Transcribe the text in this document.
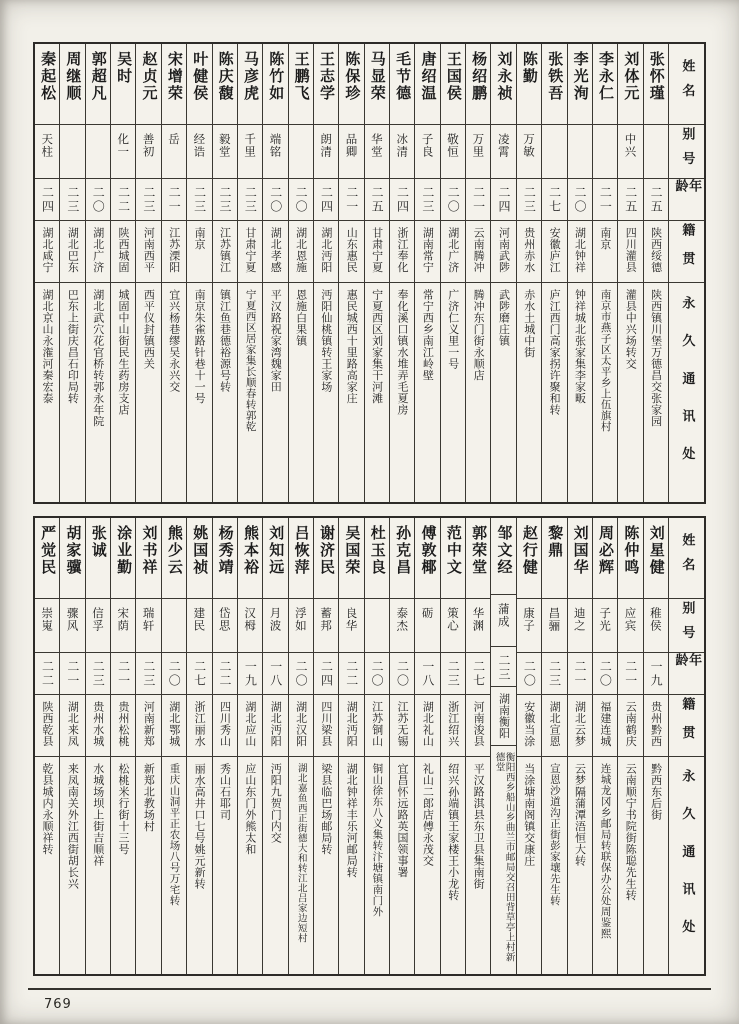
姓名
别号
年龄
籍贯
永久通讯处
张怀瑾
二五
陕西绥德
陕西镇川堡万德昌交张家园
刘体元
中兴
二五
四川灌县
灌县中兴场转交
李永仁
二一
南京
南京市燕子区太平乡上伍旗村
李光洵
二〇
湖北钟祥
钟祥城北张家集李家畈
张铁吾
二七
安徽庐江
庐江西门高家拐许聚和转
陈勤
万敏
二三
贵州赤水
赤水土城中街
刘永祯
凌霄
二四
河南武陟
武陟磨庄镇
杨绍鹏
万里
二一
云南腾冲
腾冲东门街永顺店
王国侯
敬恒
二〇
湖北广济
广济仁义里一号
唐绍温
子良
二三
湖南常宁
常宁西乡南江岭壁
毛节德
冰清
二四
浙江奉化
奉化溪口镇水堆弄毛夏房
马显荣
华堂
二五
甘肃宁夏
宁夏西区刘家集干河滩
陈保珍
品卿
二一
山东惠民
惠民城西十里路高家庄
王志学
朗清
二四
湖北沔阳
沔阳仙桃镇转王家场
王鹏飞
二〇
湖北恩施
恩施白果镇
陈竹如
端铭
二〇
湖北孝感
平汉路祝家湾魏家田
马彦虎
千里
二三
甘肃宁夏
宁夏西区居家集长顺春转郭乾
陈庆馥
毅堂
二三
江苏镇江
镇江鱼巷德裕源号转
叶健侯
经诰
二三
南京
南京朱雀路针巷十一号
宋增荣
岳
二一
江苏溧阳
宜兴杨巷缪吴永兴交
赵贞元
善初
二三
河南西平
西平仪封镇西关
吴时
化一
二二
陕西城固
城固中山街民生药房支店
郭超凡
二〇
湖北广济
湖北武穴花官桥转郭永年院
周继顺
二三
湖北巴东
巴东上街庆昌石印局转
秦起松
天柱
二四
湖北咸宁
湖北京山永潅河秦宏泰
姓名
别号
年龄
籍贯
永久通讯处
刘星健
稚侯
一九
贵州黔西
黔西东后街
陈仲鸣
应宾
二一
云南鹤庆
云南顺宁书院街陈聪先生转
周必辉
子光
二〇
福建连城
连城龙冈乡邮局转联保办公处周鉴熙
刘国华
迪之
二一
湖北云梦
云梦隔蒲潭浯恒大转
黎鼎
昌骊
二三
湖北宣恩
宣恩沙道沟正街彭家壤先生转
赵行健
康子
二〇
安徽当涂
当涂塘南阁镇交康庄
邹文经
蒲成
二三
湖南衡阳
衡阳西乡船山乡曲兰市邮局交召田背草亭上村新德堂
郭荣堂
华渊
二七
河南浚县
平汉路淇县东卫县集南街
范中文
策心
二三
浙江绍兴
绍兴孙端镇王家楼王小龙转
傅敦椰
砺
一八
湖北礼山
礼山二郎店傅永茂交
孙克昌
泰杰
二〇
江苏无锡
宜昌怀远路英国领事署
杜玉良
二〇
江苏铜山
铜山徐东八义集转汴塘镇南门外
吴国荣
良华
二二
湖北沔阳
湖北钟祥丰乐河邮局转
谢济民
蓄邦
二四
四川梁县
梁县临巴场邮局转
吕恢萍
浮如
二〇
湖北汉阳
湖北嘉鱼西正街德大和转江北吕家边短村
刘知远
月波
一八
湖北沔阳
沔阳九贺门内交
熊本裕
汉栂
一九
湖北应山
应山东门外熊太和
杨秀靖
岱思
二二
四川秀山
秀山石耶司
姚国祯
建民
二七
浙江丽水
丽水高井口七号姚元新转
熊少云
二〇
湖北鄂城
重庆山洞平正农场八号万宅转
刘书祥
瑞轩
二三
河南新郑
新郑北教场村
涂业勤
宋荫
二一
贵州松桃
松桃米行街十三号
张诚
信孚
二三
贵州水城
水城场坝上街吉顺祥
胡家骥
骤风
二一
湖北来凤
来凤南关外江西街胡长兴
严觉民
崇嵬
二二
陕西乾县
乾县城内永顺祥转
769
